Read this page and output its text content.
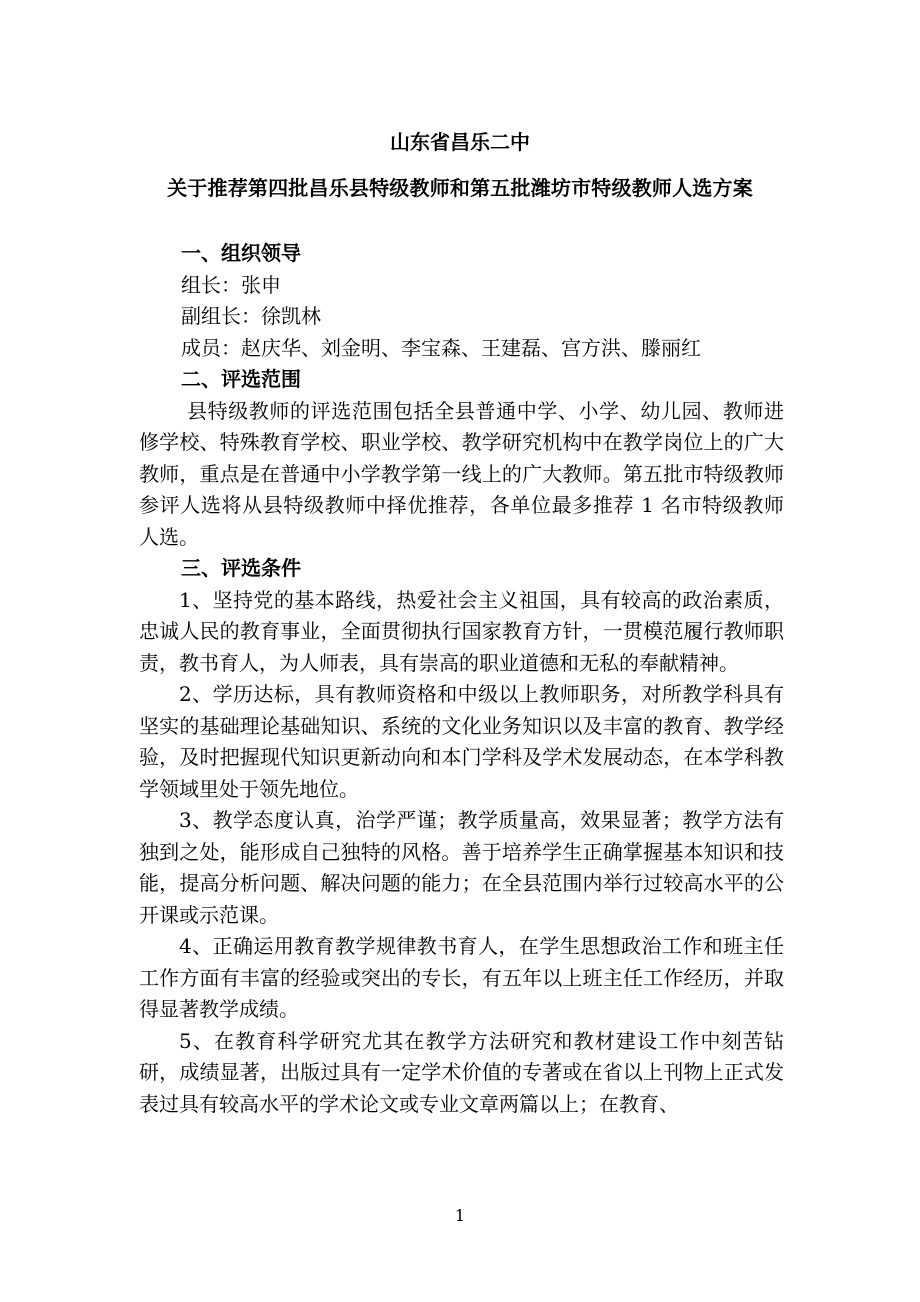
山东省昌乐二中
关于推荐第四批昌乐县特级教师和第五批潍坊市特级教师人选方案
一、组织领导
组长：张申
副组长：徐凯林
成员：赵庆华、刘金明、李宝森、王建磊、宫方洪、滕丽红
二、评选范围

县特级教师的评选范围包括全县普通中学、小学、幼儿园、教师进修学校、特殊教育学校、职业学校、教学研究机构中在教学岗位上的广大教师，重点是在普通中小学教学第一线上的广大教师。第五批市特级教师参评人选将从县特级教师中择优推荐，各单位最多推荐 1 名市特级教师人选。

三、评选条件

1、坚持党的基本路线，热爱社会主义祖国，具有较高的政治素质，忠诚人民的教育事业，全面贯彻执行国家教育方针，一贯模范履行教师职责，教书育人，为人师表，具有崇高的职业道德和无私的奉献精神。

2、学历达标，具有教师资格和中级以上教师职务，对所教学科具有坚实的基础理论基础知识、系统的文化业务知识以及丰富的教育、教学经验，及时把握现代知识更新动向和本门学科及学术发展动态，在本学科教学领域里处于领先地位。

3、教学态度认真，治学严谨；教学质量高，效果显著；教学方法有独到之处，能形成自己独特的风格。善于培养学生正确掌握基本知识和技能，提高分析问题、解决问题的能力；在全县范围内举行过较高水平的公开课或示范课。

4、正确运用教育教学规律教书育人，在学生思想政治工作和班主任工作方面有丰富的经验或突出的专长，有五年以上班主任工作经历，并取得显著教学成绩。

5、在教育科学研究尤其在教学方法研究和教材建设工作中刻苦钻研，成绩显著，出版过具有一定学术价值的专著或在省以上刊物上正式发表过具有较高水平的学术论文或专业文章两篇以上；在教育、

1
